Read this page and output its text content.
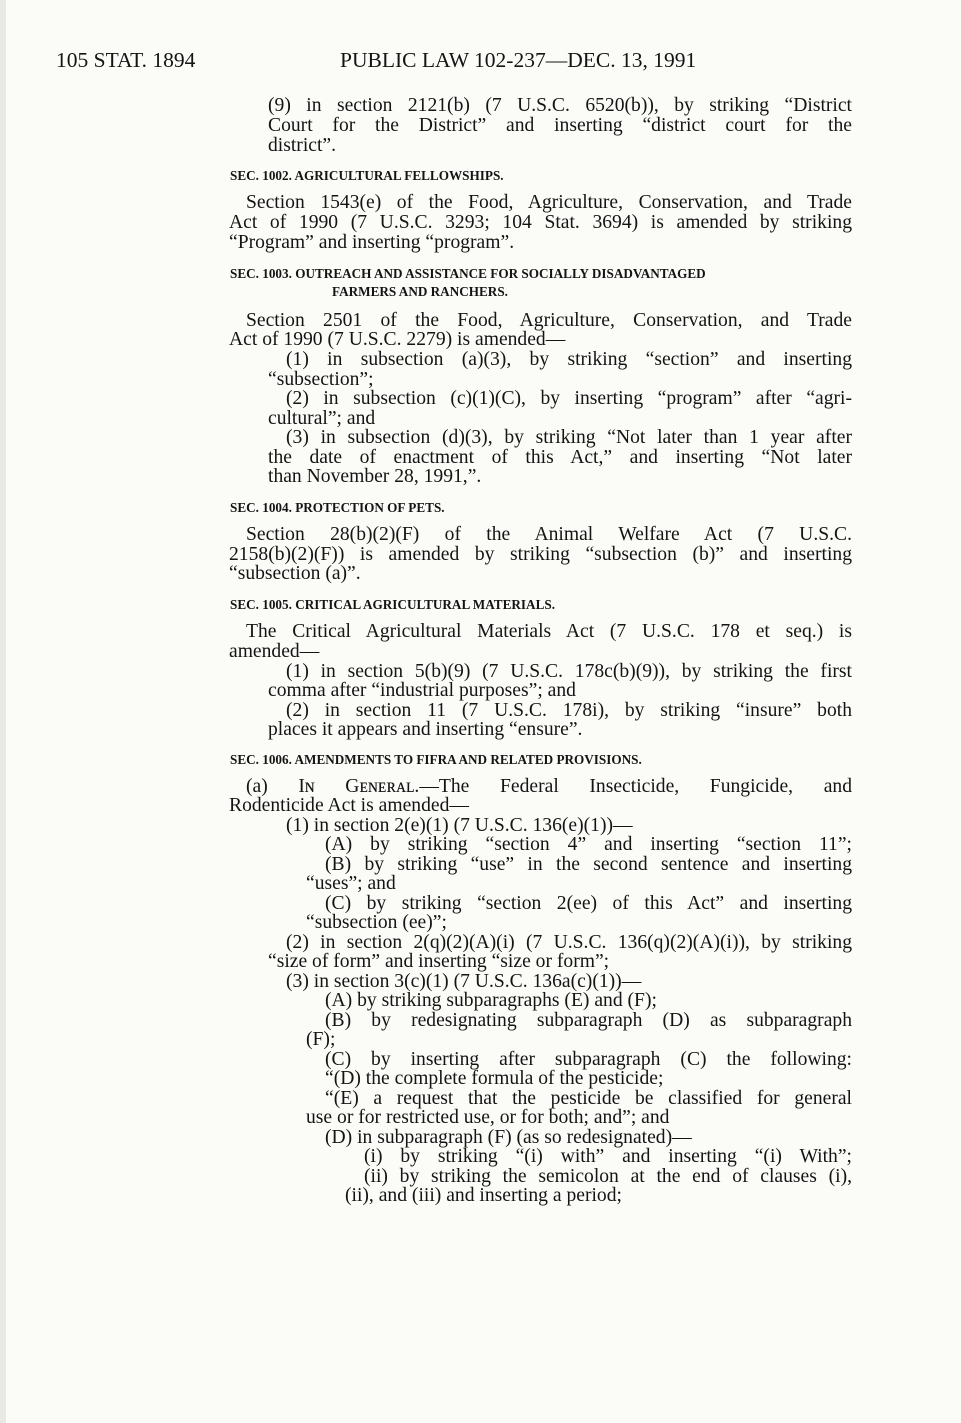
105 STAT. 1894	PUBLIC LAW 102-237—DEC. 13, 1991
(9) in section 2121(b) (7 U.S.C. 6520(b)), by striking “District
Court for the District” and inserting “district court for the
district”.
SEC. 1002. AGRICULTURAL FELLOWSHIPS.
Section 1543(e) of the Food, Agriculture, Conservation, and Trade
Act of 1990 (7 U.S.C. 3293; 104 Stat. 3694) is amended by striking
“Program” and inserting “program”.
SEC. 1003. OUTREACH AND ASSISTANCE FOR SOCIALLY DISADVANTAGED
FARMERS AND RANCHERS.
Section 2501 of the Food, Agriculture, Conservation, and Trade
Act of 1990 (7 U.S.C. 2279) is amended—
(1) in subsection (a)(3), by striking “section” and inserting
“subsection”;
(2) in subsection (c)(1)(C), by inserting “program” after “agri-
cultural”; and
(3) in subsection (d)(3), by striking “Not later than 1 year after
the date of enactment of this Act,” and inserting “Not later
than November 28, 1991,”.
SEC. 1004. PROTECTION OF PETS.
Section 28(b)(2)(F) of the Animal Welfare Act (7 U.S.C.
2158(b)(2)(F)) is amended by striking “subsection (b)” and inserting
“subsection (a)”.
SEC. 1005. CRITICAL AGRICULTURAL MATERIALS.
The Critical Agricultural Materials Act (7 U.S.C. 178 et seq.) is
amended—
(1) in section 5(b)(9) (7 U.S.C. 178c(b)(9)), by striking the first
comma after “industrial purposes”; and
(2) in section 11 (7 U.S.C. 178i), by striking “insure” both
places it appears and inserting “ensure”.
SEC. 1006. AMENDMENTS TO FIFRA AND RELATED PROVISIONS.
(a) Iɴ Gᴇɴᴇʀᴀʟ.—The Federal Insecticide, Fungicide, and
Rodenticide Act is amended—
(1) in section 2(e)(1) (7 U.S.C. 136(e)(1))—
(A) by striking “section 4” and inserting “section 11”;
(B) by striking “use” in the second sentence and inserting
“uses”; and
(C) by striking “section 2(ee) of this Act” and inserting
“subsection (ee)”;
(2) in section 2(q)(2)(A)(i) (7 U.S.C. 136(q)(2)(A)(i)), by striking
“size of form” and inserting “size or form”;
(3) in section 3(c)(1) (7 U.S.C. 136a(c)(1))—
(A) by striking subparagraphs (E) and (F);
(B) by redesignating subparagraph (D) as subparagraph
(F);
(C) by inserting after subparagraph (C) the following:
“(D) the complete formula of the pesticide;
“(E) a request that the pesticide be classified for general
use or for restricted use, or for both; and”; and
(D) in subparagraph (F) (as so redesignated)—
(i) by striking “(i) with” and inserting “(i) With”;
(ii) by striking the semicolon at the end of clauses (i),
(ii), and (iii) and inserting a period;
